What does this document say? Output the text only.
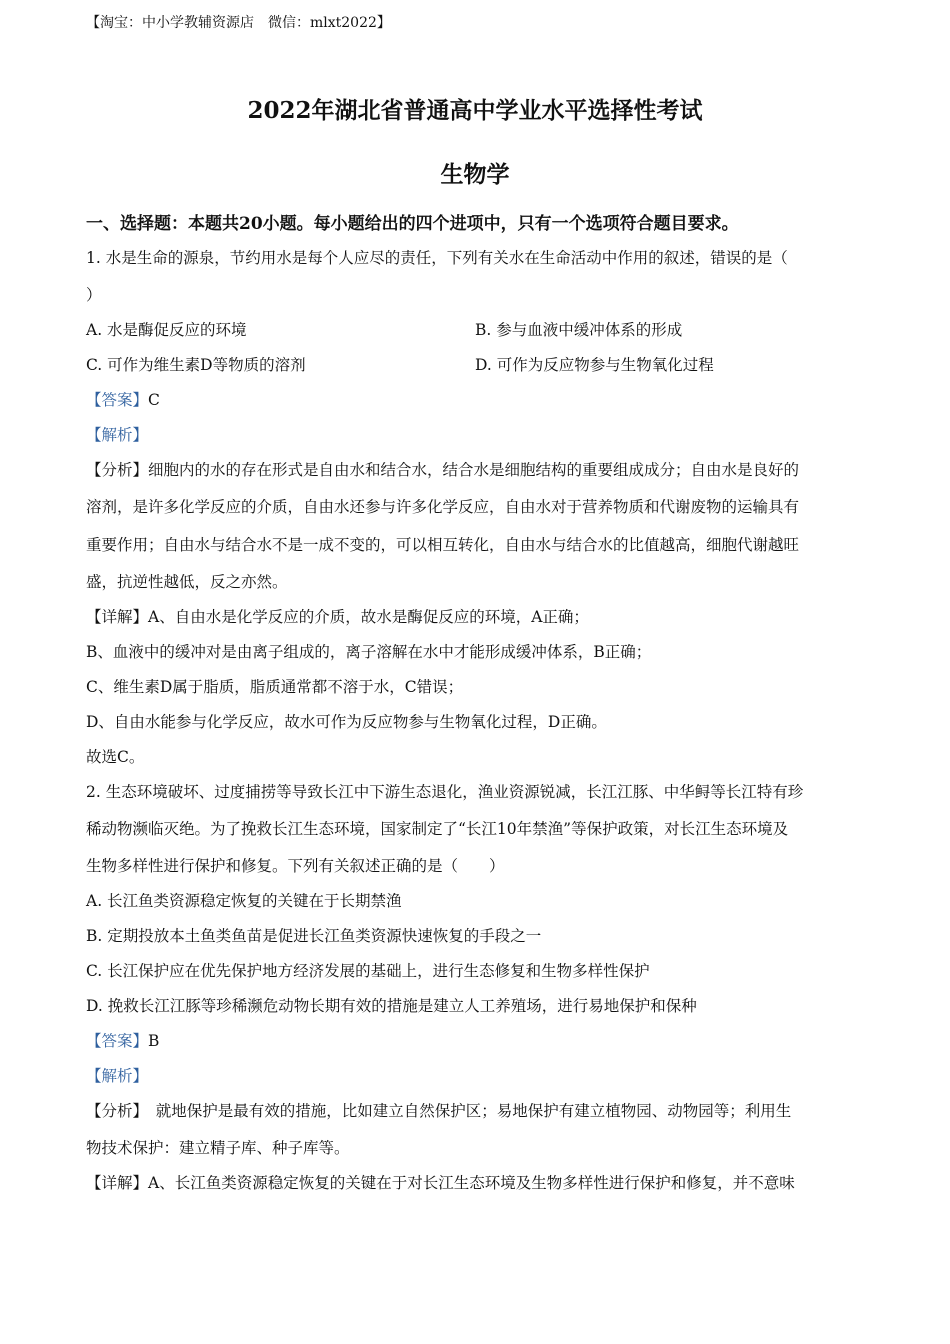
【淘宝：中小学教辅资源店　微信：mlxt2022】
2022年湖北省普通高中学业水平选择性考试
生物学
一、选择题：本题共20小题。每小题给出的四个进项中，只有一个选项符合题目要求。
1. 水是生命的源泉，节约用水是每个人应尽的责任，下列有关水在生命活动中作用的叙述，错误的是（
）
A. 水是酶促反应的环境	B. 参与血液中缓冲体系的形成
C. 可作为维生素D等物质的溶剂	D. 可作为反应物参与生物氧化过程
【答案】C
【解析】
【分析】细胞内的水的存在形式是自由水和结合水，结合水是细胞结构的重要组成成分；自由水是良好的
溶剂，是许多化学反应的介质，自由水还参与许多化学反应，自由水对于营养物质和代谢废物的运输具有
重要作用；自由水与结合水不是一成不变的，可以相互转化，自由水与结合水的比值越高，细胞代谢越旺
盛，抗逆性越低，反之亦然。
【详解】A、自由水是化学反应的介质，故水是酶促反应的环境，A正确；
B、血液中的缓冲对是由离子组成的，离子溶解在水中才能形成缓冲体系，B正确；
C、维生素D属于脂质，脂质通常都不溶于水，C错误；
D、自由水能参与化学反应，故水可作为反应物参与生物氧化过程，D正确。
故选C。
2. 生态环境破坏、过度捕捞等导致长江中下游生态退化，渔业资源锐减，长江江豚、中华鲟等长江特有珍
稀动物濒临灭绝。为了挽救长江生态环境，国家制定了“长江10年禁渔”等保护政策，对长江生态环境及
生物多样性进行保护和修复。下列有关叙述正确的是（　　）
A. 长江鱼类资源稳定恢复的关键在于长期禁渔
B. 定期投放本土鱼类鱼苗是促进长江鱼类资源快速恢复的手段之一
C. 长江保护应在优先保护地方经济发展的基础上，进行生态修复和生物多样性保护
D. 挽救长江江豚等珍稀濒危动物长期有效的措施是建立人工养殖场，进行易地保护和保种
【答案】B
【解析】
【分析】　就地保护是最有效的措施，比如建立自然保护区；易地保护有建立植物园、动物园等；利用生
物技术保护：建立精子库、种子库等。
【详解】A、长江鱼类资源稳定恢复的关键在于对长江生态环境及生物多样性进行保护和修复，并不意味
